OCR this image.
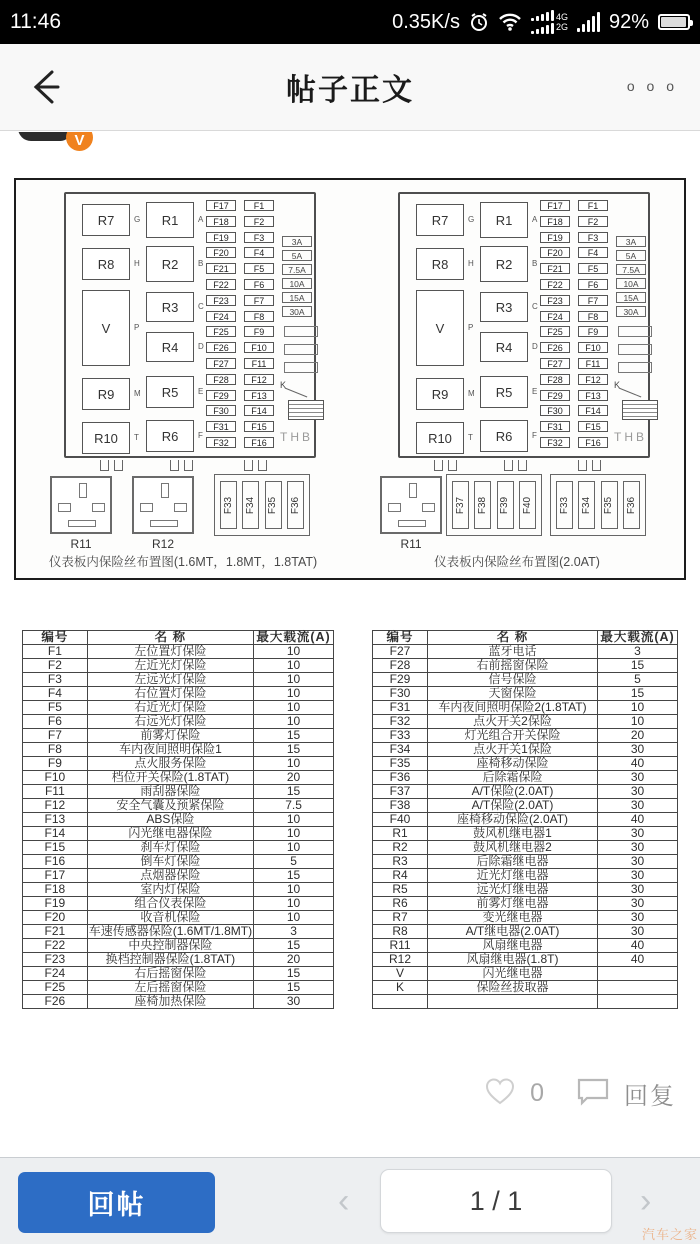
11:46	0.35K/s	4G
2G 92%
帖子正文	o o o
V
R7	G
R8	H
V	P
R9	M
R10	T
R1	A
R2	B
R3	C
R4	D
R5	E
R6	F
F17	F1
F18	F2
F19	F3
F20	F4
F21	F5
F22	F6
F23	F7
F24	F8
F25	F9
F26	F10
F27	F11
F28	F12
F29	F13
F30	F14
F31	F15
F32	F16
3A
5A
7.5A
10A
15A
30A
K
THB
R11	R12
F33 F34 F35 F36
仪表板内保险丝布置图(1.6MT，1.8MT，1.8TAT)
R7	G
R8	H
V	P
R9	M
R10	T
R1	A
R2	B
R3	C
R4	D
R5	E
R6	F
F17	F1
F18	F2
F19	F3
F20	F4
F21	F5
F22	F6
F23	F7
F24	F8
F25	F9
F26	F10
F27	F11
F28	F12
F29	F13
F30	F14
F31	F15
F32	F16
3A
5A
7.5A
10A
15A
30A
K
THB
R11
F37 F38 F39 F40	F33 F34 F35 F36
仪表板内保险丝布置图(2.0AT)
编号	名 称	最大载流(A)
F1	左位置灯保险	10
F2	左近光灯保险	10
F3	左远光灯保险	10
F4	右位置灯保险	10
F5	右近光灯保险	10
F6	右远光灯保险	10
F7	前雾灯保险	15
F8	车内夜间照明保险1	15
F9	点火服务保险	10
F10	档位开关保险(1.8TAT)	20
F11	雨刮器保险	15
F12	安全气囊及预紧保险	7.5
F13	ABS保险	10
F14	闪光继电器保险	10
F15	刹车灯保险	10
F16	倒车灯保险	5
F17	点烟器保险	15
F18	室内灯保险	10
F19	组合仪表保险	10
F20	收音机保险	10
F21	车速传感器保险(1.6MT/1.8MT)	3
F22	中央控制器保险	15
F23	换档控制器保险(1.8TAT)	20
F24	右后摇窗保险	15
F25	左后摇窗保险	15
F26	座椅加热保险	30
编号	名 称	最大载流(A)
F27	蓝牙电话	3
F28	右前摇窗保险	15
F29	信号保险	5
F30	天窗保险	15
F31	车内夜间照明保险2(1.8TAT)	10
F32	点火开关2保险	10
F33	灯光组合开关保险	20
F34	点火开关1保险	30
F35	座椅移动保险	40
F36	后除霜保险	30
F37	A/T保险(2.0AT)	30
F38	A/T保险(2.0AT)	30
F40	座椅移动保险(2.0AT)	40
R1	鼓风机继电器1	30
R2	鼓风机继电器2	30
R3	后除霜继电器	30
R4	近光灯继电器	30
R5	远光灯继电器	30
R6	前雾灯继电器	30
R7	变光继电器	30
R8	A/T继电器(2.0AT)	30
R11	风扇继电器	40
R12	风扇继电器(1.8T)	40
V	闪光继电器	
K	保险丝拔取器	

0	回复
回帖	‹	1 / 1	›
汽车之家
